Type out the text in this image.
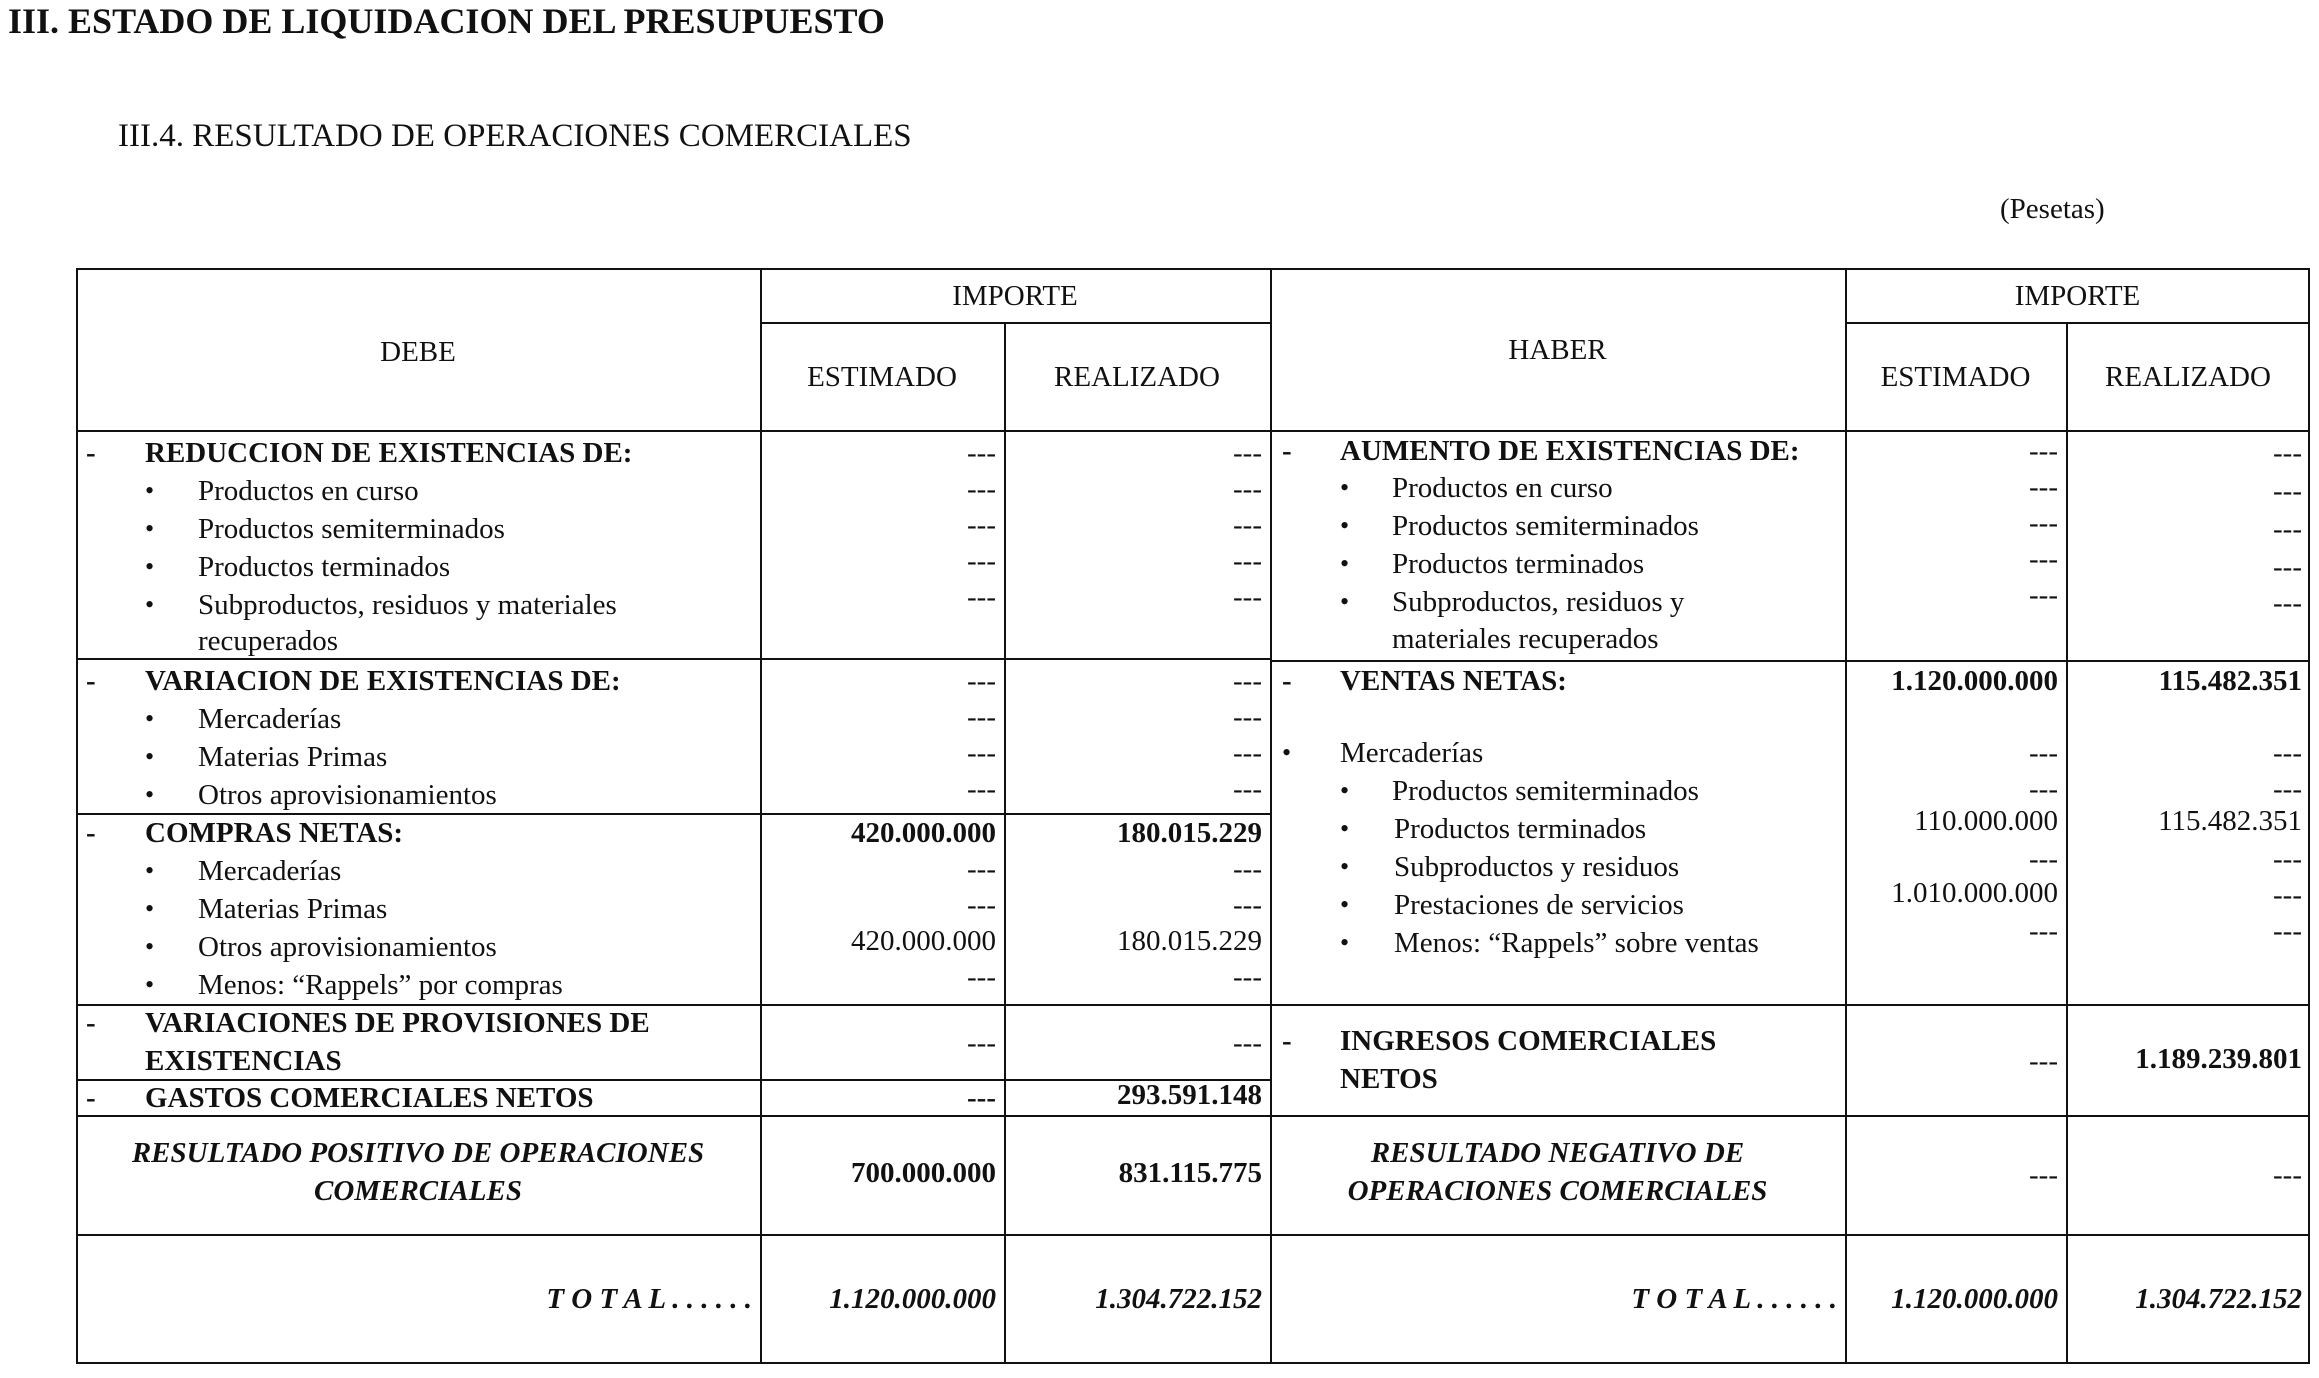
III. ESTADO DE LIQUIDACION DEL PRESUPUESTO
III.4. RESULTADO DE OPERACIONES COMERCIALES
(Pesetas)
DEBE
IMPORTE
ESTIMADO	REALIZADO
HABER
IMPORTE
ESTIMADO	REALIZADO
- REDUCCION DE EXISTENCIAS DE:	---	---
• Productos en curso	---	---
• Productos semiterminados	---	---
• Productos terminados	---	---
• Subproductos, residuos y materiales
recuperados
---	---
- VARIACION DE EXISTENCIAS DE:	---	---
• Mercaderías	---	---
• Materias Primas	---	---
• Otros aprovisionamientos	---	---
- COMPRAS NETAS:	420.000.000	180.015.229
• Mercaderías	---	---
• Materias Primas	---	---
• Otros aprovisionamientos	420.000.000	180.015.229
• Menos: “Rappels” por compras	---	---
- VARIACIONES DE PROVISIONES DE
EXISTENCIAS
---	---
- GASTOS COMERCIALES NETOS	---	293.591.148
RESULTADO POSITIVO DE OPERACIONES
COMERCIALES
700.000.000	831.115.775
T O T A L . . . . . .	1.120.000.000	1.304.722.152
- AUMENTO DE EXISTENCIAS DE:	---	---
• Productos en curso	---	---
• Productos semiterminados	---	---
• Productos terminados	---	---
• Subproductos, residuos y
materiales recuperados
---	---
- VENTAS NETAS:	1.120.000.000	115.482.351
• Mercaderías	---	---
• Productos semiterminados	---	---
• Productos terminados	110.000.000	115.482.351
• Subproductos y residuos	---	---
• Prestaciones de servicios	1.010.000.000	---
• Menos: “Rappels” sobre ventas	---	---
- INGRESOS COMERCIALES
NETOS
---	1.189.239.801
RESULTADO NEGATIVO DE
OPERACIONES COMERCIALES	---	---
T O T A L . . . . . .	1.120.000.000	1.304.722.152
